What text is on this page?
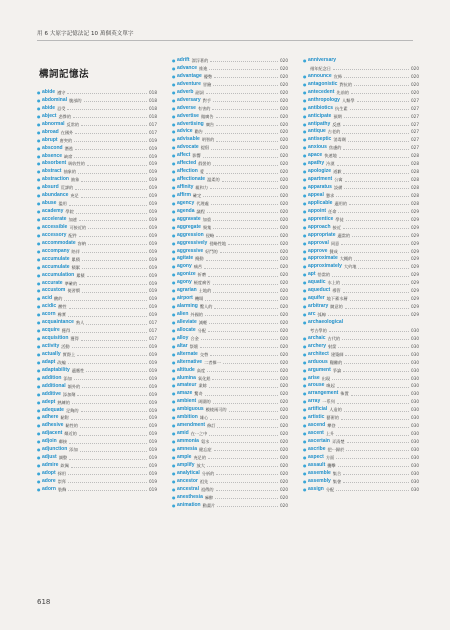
用 6 大原字記憶法記 10 萬個英文單字
構詞記憶法
● abide 遵守	018
● abdominal 腹部的	018
● abide 忍受	018
● abject 悲慘的	018
● abnormal 反常的	017
● abroad 在國外	017
● abrupt 唐突的	019
● abscond 潛逃	019
● absence 缺席	019
● absorbent 吸收性的	019
● abstract 抽象的	019
● abstraction 抽象	019
● absurd 荒謬的	019
● abundance 充足	019
● abuse 濫用	019
● academy 學院	019
● accelerate 加速	019
● accessible 可接近的	019
● accessory 配件	019
● accommodate 容納	019
● accompany 陪伴	019
● accumulate 累積	019
● accumulate 積累	019
● accumulation 累積	019
● accurate 準確的	019
● accustom 使習慣	019
● acid 酸的	019
● acidic 酸性	019
● acorn 橡實	019
● acquaintance 熟人	017
● acquire 獲得	017
● acquisition 獲得	017
● activity 活動	019
● actually 實際上	019
● adapt 改編	019
● adaptability 適應性	019
● addition 添加	019
● additional 額外的	019
● additive 添加劑	019
● adept 熟練的	019
● adequate 足夠的	019
● adhere 黏附	019
● adhesive 黏性的	019
● adjacent 鄰近的	019
● adjoin 鄰接	019
● adjunction 添加	019
● adjust 調整	019
● admire 欽佩	019
● adopt 採用	019
● adore 崇拜	019
● adorn 裝飾	019
● adrift 漂浮著的	020
● advance 推進	020
● advantage 優勢	020
● adventure 冒險	020
● adverb 副詞	020
● adversary 對手	020
● adverse 有害的	020
● advertise 做廣告	020
● advertising 廣告	020
● advice 勸告	020
● advisable 明智的	020
● advocate 提倡	020
● affect 影響	020
● affected 假裝的	020
● affection 愛	020
● affectionate 溫柔的	020
● affinity 親和力	020
● affirm 確定	020
● agency 代理處	020
● agenda 議程	020
● aggravate 加重	020
● aggregate 聚集	020
● aggression 侵略	020
● aggressively 侵略性地	020
● aggressive 好鬥的	020
● agitate 攪動	020
● agony 痛苦	020
● agonize 折磨	020
● agony 極度痛苦	020
● agrarian 土地的	020
● airport 機場	020
● alarming 驚人的	020
● alien 外國的	020
● alleviate 減輕	020
● allocate 分配	020
● alloy 合金	020
● altar 祭壇	020
● alternate 交替	020
● alternative 二者擇一	020
● altitude 高度	020
● alumina 氧化鋁	020
● amateur 業餘	020
● amaze 驚奇	020
● ambient 周圍的	020
● ambiguous 模棱兩可的	020
● ambition 雄心	020
● amendment 修訂	020
● amid 在⋯之中	020
● ammonia 氨水	020
● amnesia 健忘症	020
● ample 充足的	020
● amplify 放大	020
● analytical 分析的	020
● ancestor 祖先	020
● ancestral 祖傳的	020
● anesthesia 麻醉	020
● animation 動畫片	020
● anniversary
週年紀念日	020
● announce 宣佈	020
● antagonistic 對抗的	020
● antecedent 先前的	020
● anthropology 人類學	027
● antibiotics 抗生素	027
● anticipate 預期	027
● antipathy 反感	027
● antique 古老的	027
● antiseptic 消毒劑	027
● anxious 焦慮的	027
● apace 快速地	028
● apathy 冷漠	028
● apologize 道歉	028
● apartment 公寓	028
● apparatus 設備	028
● appeal 懇求	028
● applicable 適用的	028
● appoint 任命	029
● apprentice 學徒	029
● approach 接近	029
● appropriate 適當的	029
● approval 同意	029
● approve 贊成	029
● approximate 大概的	029
● approximately 大約地	029
● apt 恰當的	029
● aquatic 水上的	029
● aqueduct 導管	029
● aquifer 地下蓄水層	029
● arbitrary 隨意的	029
● arc 弧線	029
● archaeological
考古學的	030
● archaic 古代的	030
● archery 射箭	030
● architect 建築師	030
● arduous 艱難的	030
● argument 爭論	030
● arise 出現	030
● arouse 喚起	030
● arrangement 佈置	030
● array 一系列	030
● artificial 人造的	030
● artistic 藝術的	030
● ascend 攀登	030
● ascent 上升	030
● ascertain 弄清楚	030
● ascribe 把⋯歸於	030
● aspect 方面	030
● assault 襲擊	030
● assemble 集合	030
● assembly 集會	030
● assign 分配	030
618
